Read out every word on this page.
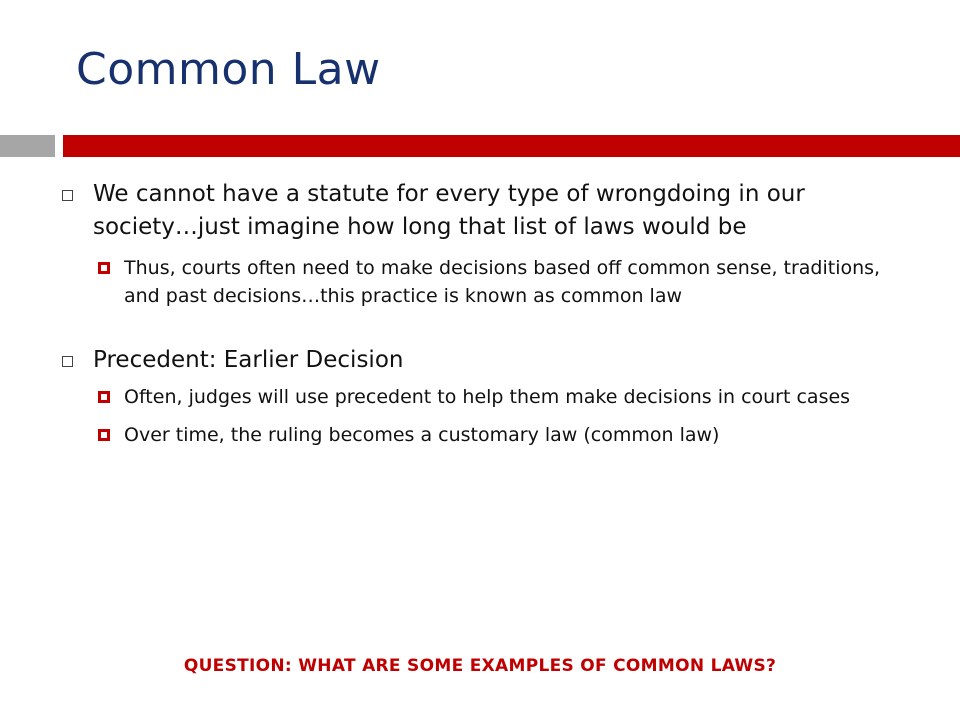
Common Law
We cannot have a statute for every type of wrongdoing in our society…just imagine how long that list of laws would be
Thus, courts often need to make decisions based off common sense, traditions, and past decisions…this practice is known as common law
Precedent: Earlier Decision
Often, judges will use precedent to help them make decisions in court cases
Over time, the ruling becomes a customary law (common law)
QUESTION: WHAT ARE SOME EXAMPLES OF COMMON LAWS?
